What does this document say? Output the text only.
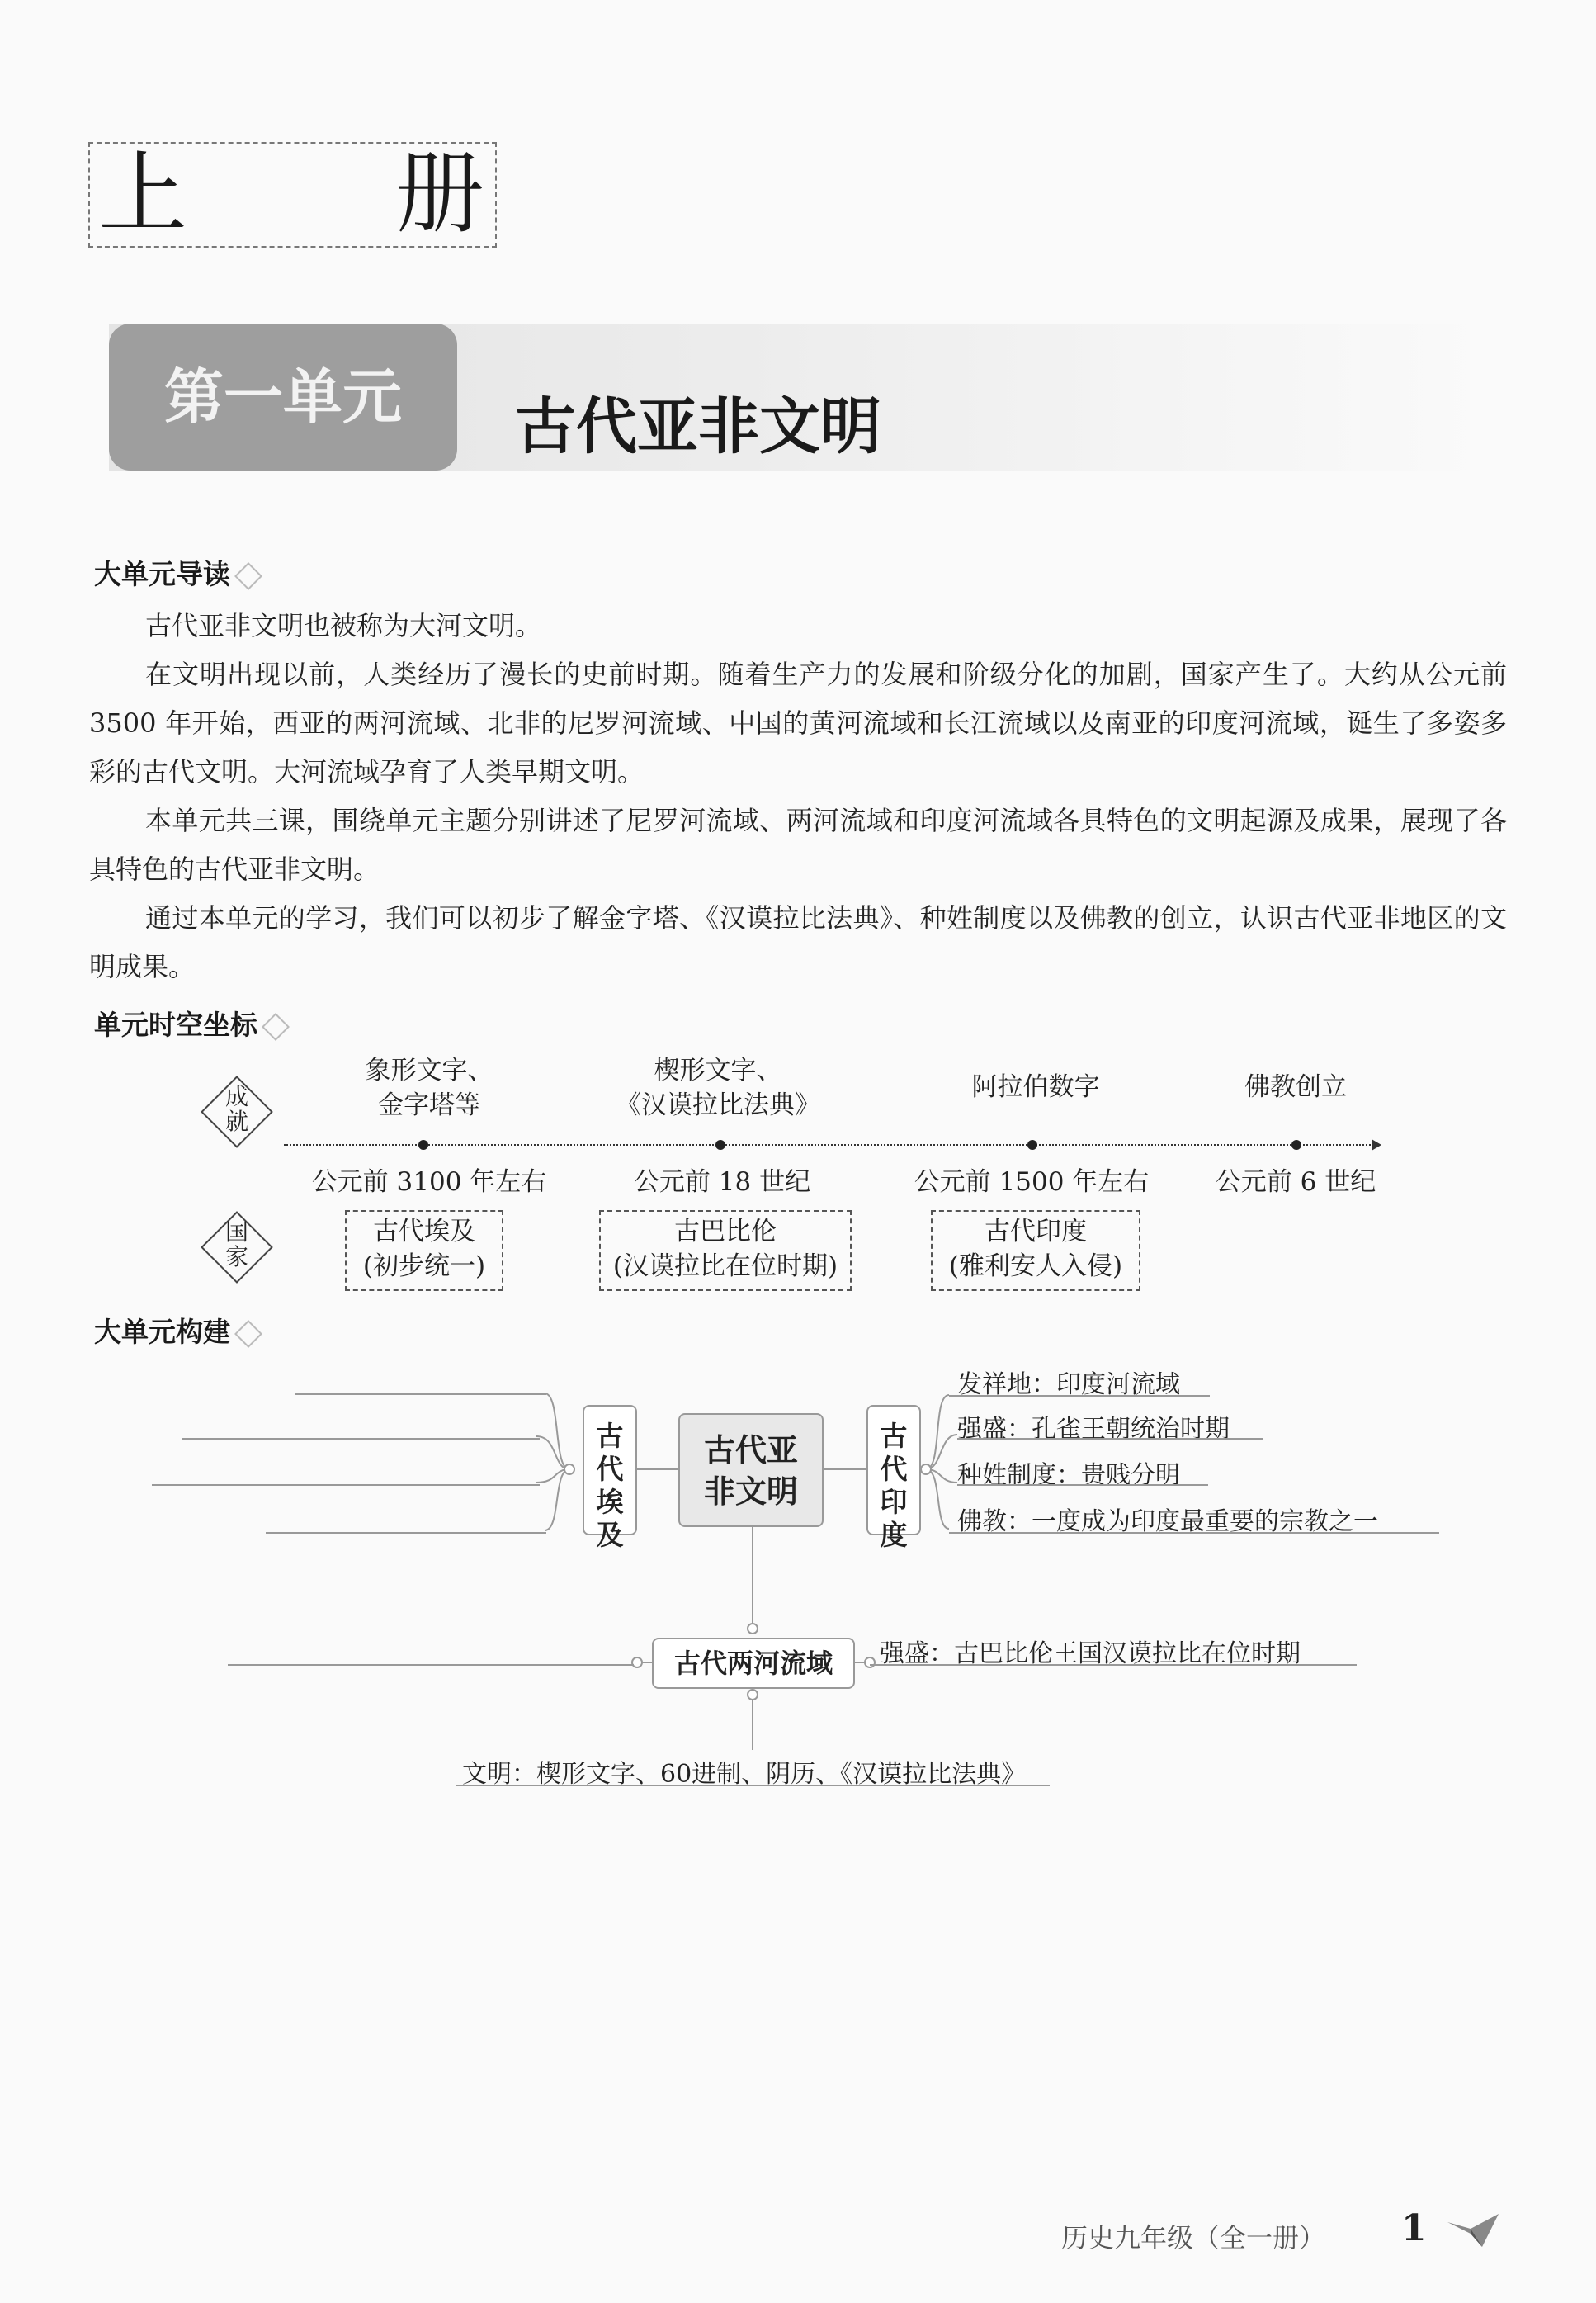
上 册
第一单元	古代亚非文明
大单元导读

古代亚非文明也被称为大河文明。

在文明出现以前，人类经历了漫长的史前时期。随着生产力的发展和阶级分化的加剧，国家产生了。大约从公元前 3500 年开始，西亚的两河流域、北非的尼罗河流域、中国的黄河流域和长江流域以及南亚的印度河流域，诞生了多姿多彩的古代文明。大河流域孕育了人类早期文明。

本单元共三课，围绕单元主题分别讲述了尼罗河流域、两河流域和印度河流域各具特色的文明起源及成果，展现了各具特色的古代亚非文明。

通过本单元的学习，我们可以初步了解金字塔、《汉谟拉比法典》、种姓制度以及佛教的创立，认识古代亚非地区的文明成果。

单元时空坐标
成就
国家
象形文字、
金字塔等
公元前 3100 年左右
古代埃及
(初步统一)
楔形文字、
《汉谟拉比法典》
公元前 18 世纪
古巴比伦
(汉谟拉比在位时期)
阿拉伯数字
公元前 1500 年左右
古代印度
(雅利安人入侵)
佛教创立
公元前 6 世纪
大单元构建
古代埃及
古代亚
非文明
古代印度
发祥地：印度河流域
强盛：孔雀王朝统治时期
种姓制度：贵贱分明
佛教：一度成为印度最重要的宗教之一
古代两河流域	强盛：古巴比伦王国汉谟拉比在位时期
文明：楔形文字、60进制、阴历、《汉谟拉比法典》
历史九年级（全一册） 1
